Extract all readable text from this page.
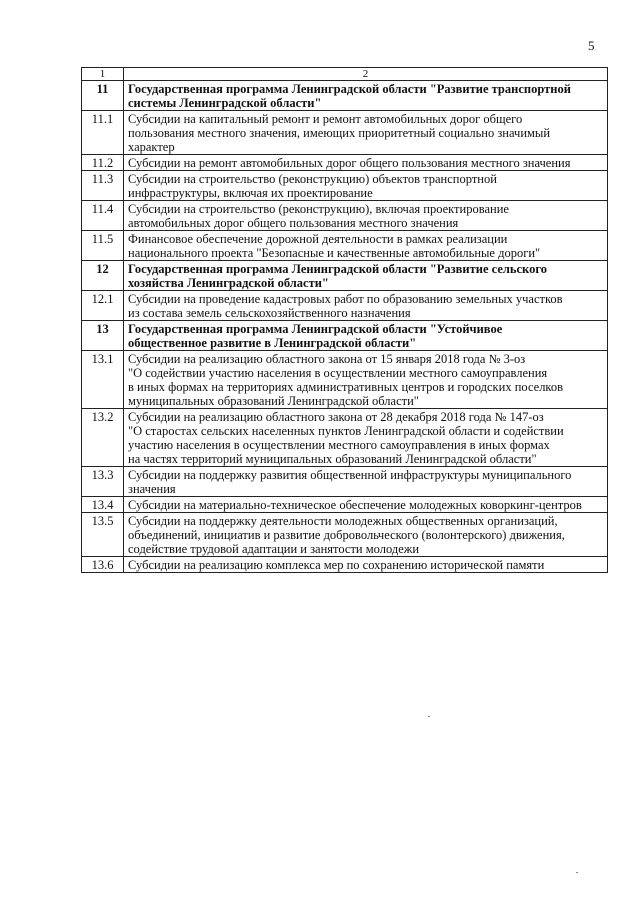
5
1	2
11	Государственная программа Ленинградской области "Развитие транспортной
системы Ленинградской области"

11.1	Субсидии на капитальный ремонт и ремонт автомобильных дорог общего
пользования местного значения, имеющих приоритетный социально значимый
характер

11.2	Субсидии на ремонт автомобильных дорог общего пользования местного значения

11.3	Субсидии на строительство (реконструкцию) объектов транспортной
инфраструктуры, включая их проектирование

11.4	Субсидии на строительство (реконструкцию), включая проектирование
автомобильных дорог общего пользования местного значения

11.5	Финансовое обеспечение дорожной деятельности в рамках реализации
национального проекта "Безопасные и качественные автомобильные дороги"

12	Государственная программа Ленинградской области "Развитие сельского
хозяйства Ленинградской области"

12.1	Субсидии на проведение кадастровых работ по образованию земельных участков
из состава земель сельскохозяйственного назначения

13	Государственная программа Ленинградской области "Устойчивое
общественное развитие в Ленинградской области"

13.1	Субсидии на реализацию областного закона от 15 января 2018 года № 3-оз
"О содействии участию населения в осуществлении местного самоуправления
в иных формах на территориях административных центров и городских поселков
муниципальных образований Ленинградской области"

13.2	Субсидии на реализацию областного закона от 28 декабря 2018 года № 147-оз
"О старостах сельских населенных пунктов Ленинградской области и содействии
участию населения в осуществлении местного самоуправления в иных формах
на частях территорий муниципальных образований Ленинградской области"

13.3	Субсидии на поддержку развития общественной инфраструктуры муниципального
значения

13.4	Субсидии на материально-техническое обеспечение молодежных коворкинг-центров

13.5	Субсидии на поддержку деятельности молодежных общественных организаций,
объединений, инициатив и развитие добровольческого (волонтерского) движения,
содействие трудовой адаптации и занятости молодежи

13.6	Субсидии на реализацию комплекса мер по сохранению исторической памяти
